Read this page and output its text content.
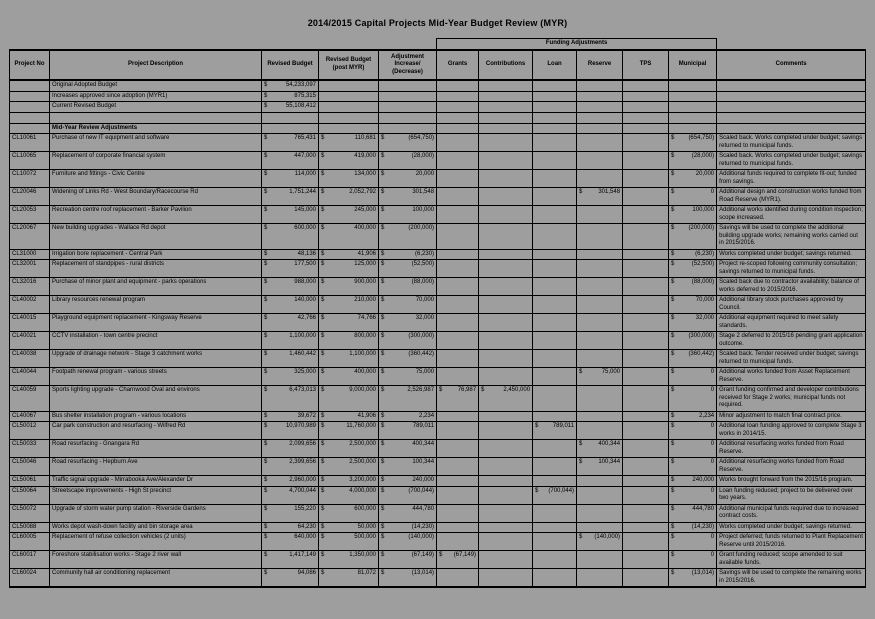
2014/2015 Capital Projects Mid-Year Budget Review (MYR)
					Funding Adjustments						
Project No	Project Description	Revised Budget	Revised Budget (post MYR)	Adjustment Increase/ (Decrease)	Grants	Contributions	Loan	Reserve	TPS	Municipal	Comments
	Original Adopted Budget	$ 54,233,097									

	Increases approved since adoption (MYR1)	$ 875,315									

	Current Revised Budget	$ 55,108,412									

	Mid-Year Review Adjustments										
CL10061	Purchase of new IT equipment and software	$ 765,431	$ 110,681	$ (654,750)						$ (654,750)	Scaled back. Works completed under budget; savings returned to municipal funds.
CL10065	Replacement of corporate financial system	$ 447,000	$ 419,000	$ (28,000)						$ (28,000)	Scaled back. Works completed under budget; savings returned to municipal funds.
CL10072	Furniture and fittings - Civic Centre	$ 114,000	$ 134,000	$ 20,000						$ 20,000	Additional funds required to complete fit-out; funded from savings.
CL20046	Widening of Links Rd - West Boundary/Racecourse Rd	$ 1,751,244	$ 2,052,792	$ 301,548				$ 301,548		$ 0	Additional design and construction works funded from Road Reserve (MYR1).
CL20053	Recreation centre roof replacement - Barker Pavilion	$ 145,000	$ 245,000	$ 100,000						$ 100,000	Additional works identified during condition inspection; scope increased.
CL20067	New building upgrades - Wallace Rd depot	$ 600,000	$ 400,000	$ (200,000)						$ (200,000)	Savings will be used to complete the additional building upgrade works; remaining works carried out in 2015/2016.
CL31000	Irrigation bore replacement - Central Park	$ 48,136	$ 41,906	$ (6,230)						$ (6,230)	Works completed under budget; savings returned.
CL32001	Replacement of standpipes - rural districts	$ 177,500	$ 125,000	$ (52,500)						$ (52,500)	Project re-scoped following community consultation; savings returned to municipal funds.
CL32016	Purchase of minor plant and equipment - parks operations	$ 988,000	$ 900,000	$ (88,000)						$ (88,000)	Scaled back due to contractor availability; balance of works deferred to 2015/2016.
CL40002	Library resources renewal program	$ 140,000	$ 210,000	$ 70,000						$ 70,000	Additional library stock purchases approved by Council.
CL40015	Playground equipment replacement - Kingsway Reserve	$ 42,766	$ 74,766	$ 32,000						$ 32,000	Additional equipment required to meet safety standards.
CL40021	CCTV installation - town centre precinct	$ 1,100,000	$ 800,000	$ (300,000)						$ (300,000)	Stage 2 deferred to 2015/16 pending grant application outcome.
CL40038	Upgrade of drainage network - Stage 3 catchment works	$ 1,460,442	$ 1,100,000	$ (360,442)						$ (360,442)	Scaled back. Tender received under budget; savings returned to municipal funds.
CL40044	Footpath renewal program - various streets	$ 325,000	$ 400,000	$ 75,000				$ 75,000		$ 0	Additional works funded from Asset Replacement Reserve.
CL40059	Sports lighting upgrade - Charnwood Oval and environs	$ 6,473,013	$ 9,000,000	$ 2,526,987	$ 76,987	$ 2,450,000				$ 0	Grant funding confirmed and developer contributions received for Stage 2 works; municipal funds not required.
CL40067	Bus shelter installation program - various locations	$ 39,672	$ 41,906	$ 2,234						$ 2,234	Minor adjustment to match final contract price.
CL50012	Car park construction and resurfacing - Wilfred Rd	$ 10,970,989	$ 11,760,000	$ 789,011			$ 789,011			$ 0	Additional loan funding approved to complete Stage 3 works in 2014/15.
CL50033	Road resurfacing - Gnangara Rd	$ 2,099,656	$ 2,500,000	$ 400,344				$ 400,344		$ 0	Additional resurfacing works funded from Road Reserve.
CL50046	Road resurfacing - Hepburn Ave	$ 2,399,656	$ 2,500,000	$ 100,344				$ 100,344		$ 0	Additional resurfacing works funded from Road Reserve.
CL50061	Traffic signal upgrade - Mirrabooka Ave/Alexander Dr	$ 2,960,000	$ 3,200,000	$ 240,000						$ 240,000	Works brought forward from the 2015/16 program.
CL50064	Streetscape improvements - High St precinct	$ 4,700,044	$ 4,000,000	$ (700,044)			$ (700,044)			$ 0	Loan funding reduced; project to be delivered over two years.
CL50072	Upgrade of storm water pump station - Riverside Gardens	$ 155,220	$ 600,000	$ 444,780						$ 444,780	Additional municipal funds required due to increased contract costs.
CL50088	Works depot wash-down facility and bin storage area	$ 64,230	$ 50,000	$ (14,230)						$ (14,230)	Works completed under budget; savings returned.
CL60005	Replacement of refuse collection vehicles (2 units)	$ 640,000	$ 500,000	$ (140,000)				$ (140,000)		$ 0	Project deferred; funds returned to Plant Replacement Reserve until 2015/2016.
CL60017	Foreshore stabilisation works - Stage 2 river wall	$ 1,417,149	$ 1,350,000	$ (67,149)	$ (67,149)					$ 0	Grant funding reduced; scope amended to suit available funds.
CL60024	Community hall air conditioning replacement	$ 94,086	$ 81,072	$ (13,014)						$ (13,014)	Savings will be used to complete the remaining works in 2015/2016.
